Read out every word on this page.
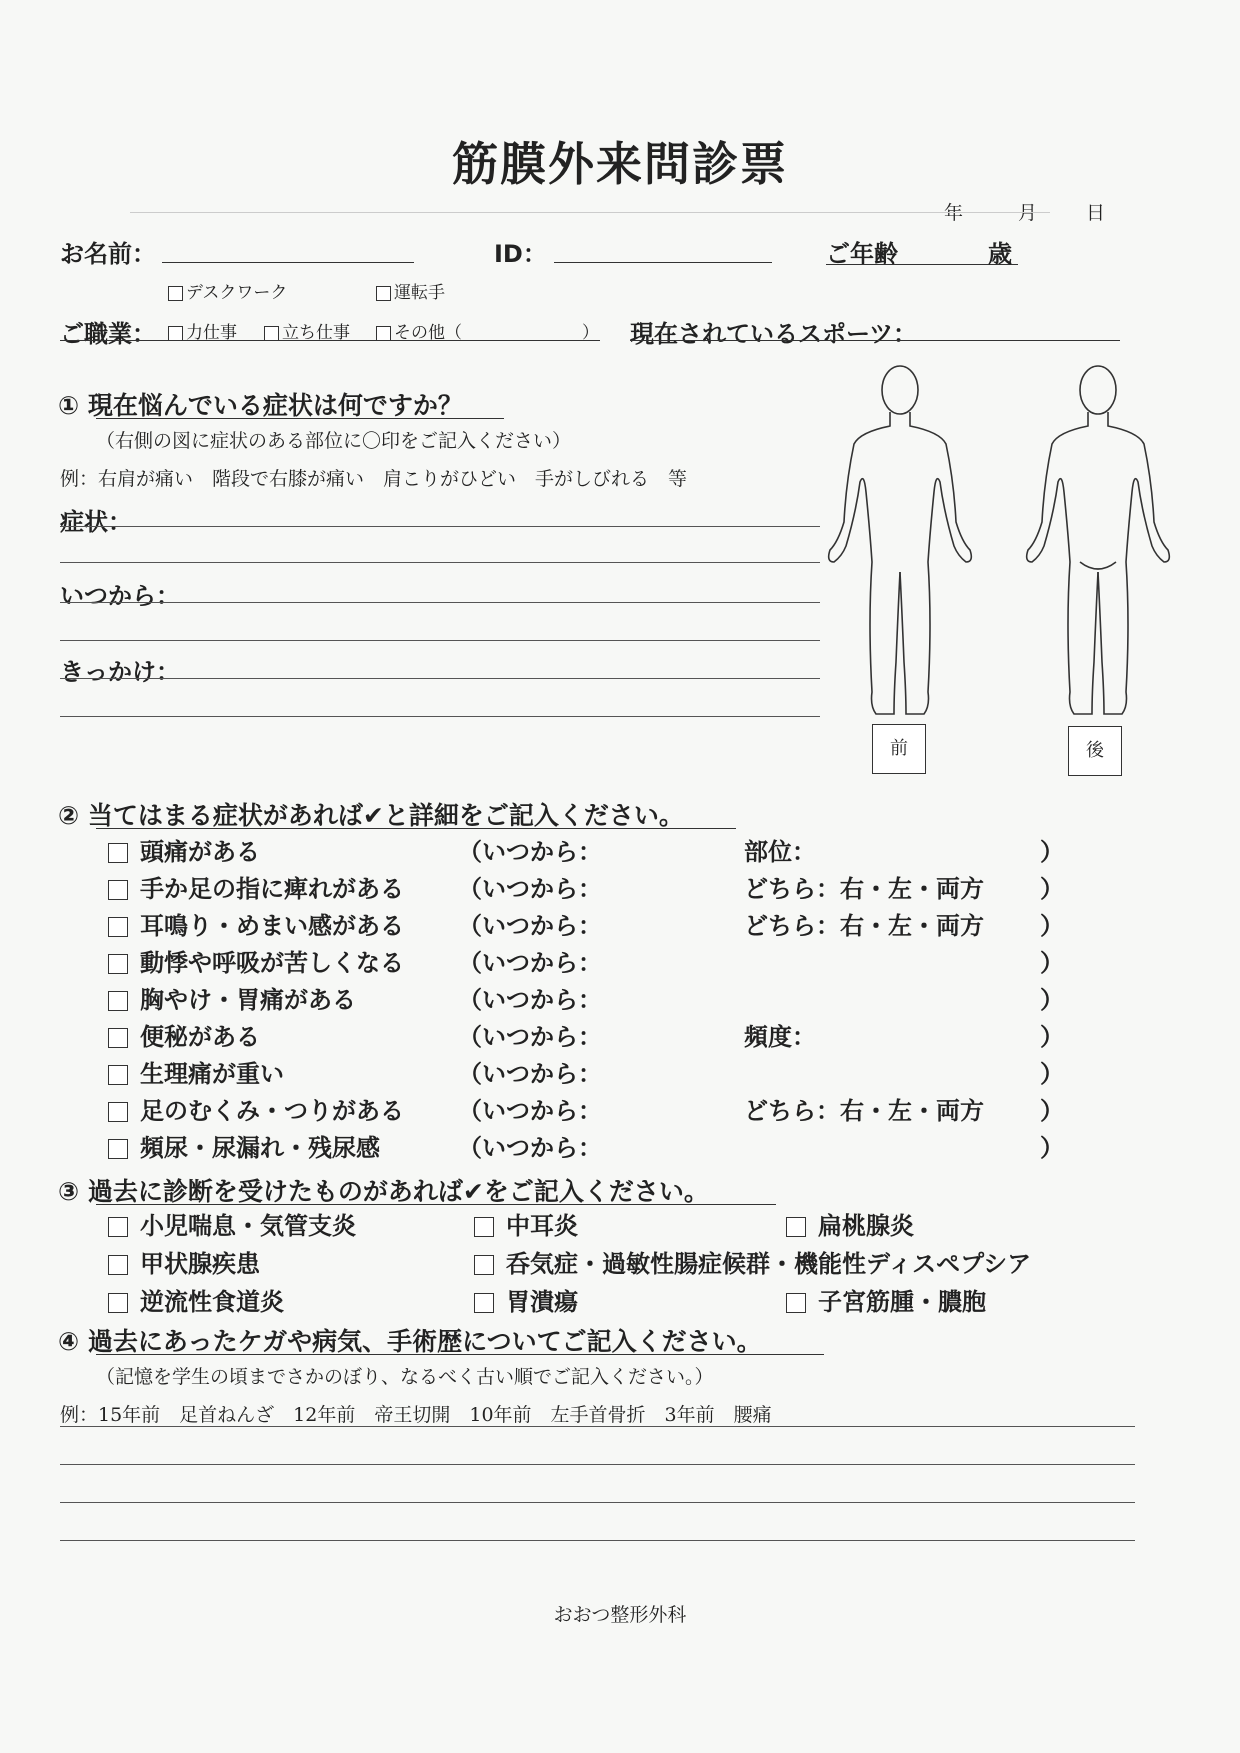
筋膜外来問診票
年	月	日
お名前：	ID：	ご年齢	歳
デスクワーク	運転手
ご職業：	力仕事	立ち仕事	その他（	） 現在されているスポーツ：
① 現在悩んでいる症状は何ですか？
（右側の図に症状のある部位に〇印をご記入ください）
例：右肩が痛い　階段で右膝が痛い　肩こりがひどい　手がしびれる　等
症状：
いつから：
きっかけ：
前	後
② 当てはまる症状があれば✔と詳細をご記入ください。
頭痛がある	（いつから：	部位：	）
手か足の指に痺れがある （いつから：	どちら：右・左・両方 ）
耳鳴り・めまい感がある （いつから：	どちら：右・左・両方 ）
動悸や呼吸が苦しくなる （いつから：	）
胸やけ・胃痛がある	（いつから：	）
便秘がある	（いつから：	頻度：	）
生理痛が重い	（いつから：	）
足のむくみ・つりがある （いつから：	どちら：右・左・両方 ）
頻尿・尿漏れ・残尿感	（いつから：	）
③ 過去に診断を受けたものがあれば✔をご記入ください。
小児喘息・気管支炎	中耳炎	扁桃腺炎
甲状腺疾患	呑気症・過敏性腸症候群・機能性ディスペプシア
逆流性食道炎	胃潰瘍	子宮筋腫・膿胞
④ 過去にあったケガや病気、手術歴についてご記入ください。
（記憶を学生の頃までさかのぼり、なるべく古い順でご記入ください。）
例：15年前　足首ねんざ　12年前　帝王切開　10年前　左手首骨折　3年前　腰痛
おおつ整形外科
